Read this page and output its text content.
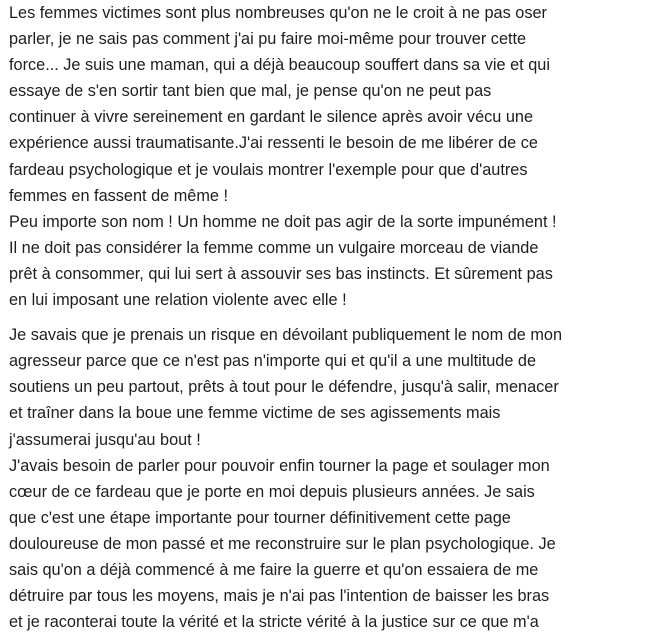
Les femmes victimes sont plus nombreuses qu'on ne le croit à ne pas oser
parler, je ne sais pas comment j'ai pu faire moi-même pour trouver cette
force... Je suis une maman, qui a déjà beaucoup souffert dans sa vie et qui
essaye de s'en sortir tant bien que mal, je pense qu'on ne peut pas
continuer à vivre sereinement en gardant le silence après avoir vécu une
expérience aussi traumatisante.J'ai ressenti le besoin de me libérer de ce
fardeau psychologique et je voulais montrer l'exemple pour que d'autres
femmes en fassent de même !
Peu importe son nom ! Un homme ne doit pas agir de la sorte impunément !
Il ne doit pas considérer la femme comme un vulgaire morceau de viande
prêt à consommer, qui lui sert à assouvir ses bas instincts. Et sûrement pas
en lui imposant une relation violente avec elle !
Je savais que je prenais un risque en dévoilant publiquement le nom de mon
agresseur parce que ce n'est pas n'importe qui et qu'il a une multitude de
soutiens un peu partout, prêts à tout pour le défendre, jusqu'à salir, menacer
et traîner dans la boue une femme victime de ses agissements mais
j'assumerai jusqu'au bout !
J'avais besoin de parler pour pouvoir enfin tourner la page et soulager mon
cœur de ce fardeau que je porte en moi depuis plusieurs années. Je sais
que c'est une étape importante pour tourner définitivement cette page
douloureuse de mon passé et me reconstruire sur le plan psychologique. Je
sais qu'on a déjà commencé à me faire la guerre et qu'on essaiera de me
détruire par tous les moyens, mais je n'ai pas l'intention de baisser les bras
et je raconterai toute la vérité et la stricte vérité à la justice sur ce que m'a
